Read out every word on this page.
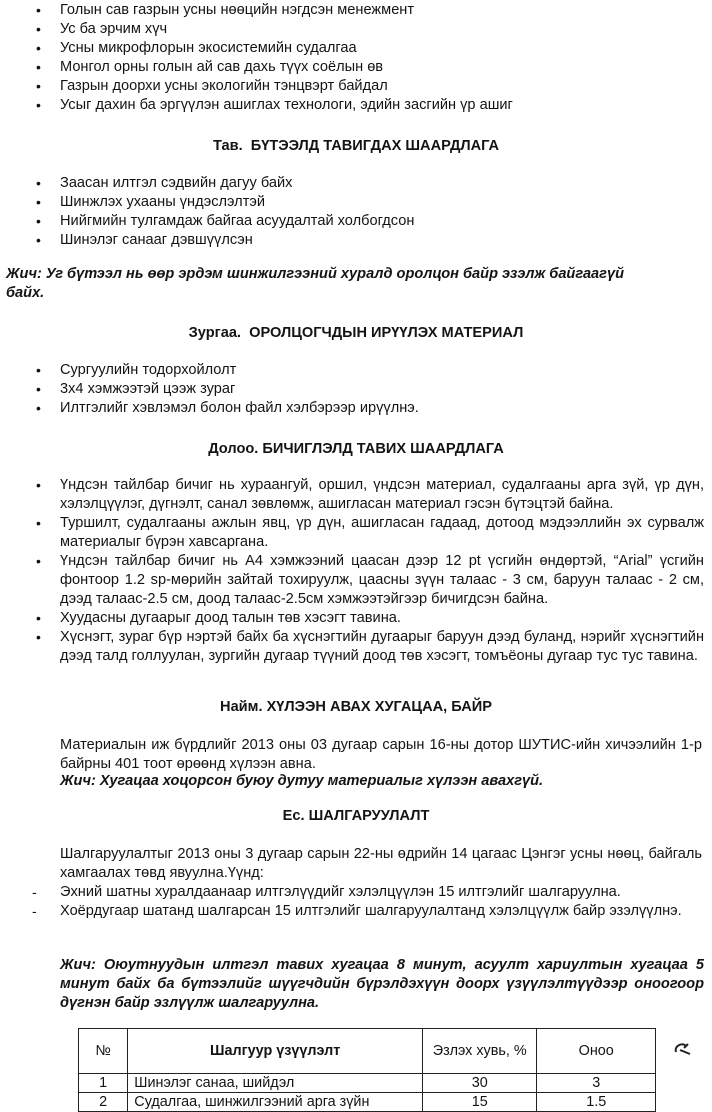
• Голын сав газрын усны нөөцийн нэгдсэн менежмент
• Ус ба эрчим хүч
• Усны микрофлорын экосистемийн судалгаа
• Монгол орны голын ай сав дахь түүх соёлын өв
• Газрын доорхи усны экологийн тэнцвэрт байдал
• Усыг дахин ба эргүүлэн ашиглах технологи, эдийн засгийн үр ашиг
Тав. БҮТЭЭЛД ТАВИГДАХ ШААРДЛАГА
• Заасан илтгэл сэдвийн дагуу байх
• Шинжлэх ухааны үндэслэлтэй
• Нийгмийн тулгамдаж байгаа асуудалтай холбогдсон
• Шинэлэг санааг дэвшүүлсэн
Жич: Уг бүтээл нь өөр эрдэм шинжилгээний хуралд оролцон байр эзэлж байгаагүй
байх.
Зургаа. ОРОЛЦОГЧДЫН ИРҮҮЛЭХ МАТЕРИАЛ
• Сургуулийн тодорхойлолт
• 3x4 хэмжээтэй цээж зураг
• Илтгэлийг хэвлэмэл болон файл хэлбэрээр ирүүлнэ.
Долоо. БИЧИГЛЭЛД ТАВИХ ШААРДЛАГА
• Үндсэн тайлбар бичиг нь хураангуй, оршил, үндсэн материал, судалгааны арга зүй, үр дүн, хэлэлцүүлэг, дүгнэлт, санал зөвлөмж, ашигласан материал гэсэн бүтэцтэй байна.
• Туршилт, судалгааны ажлын явц, үр дүн, ашигласан гадаад, дотоод мэдээллийн эх сурвалж материалыг бүрэн хавсаргана.
• Үндсэн тайлбар бичиг нь A4 хэмжээний цаасан дээр 12 pt үсгийн өндөртэй, “Arial” үсгийн фонтоор 1.2 sp-мөрийн зайтай тохируулж, цаасны зүүн талаас - 3 см, баруун талаас - 2 см, дээд талаас-2.5 см, доод талаас-2.5см хэмжээтэйгээр бичигдсэн байна.
• Хуудасны дугаарыг доод талын төв хэсэгт тавина.
• Хүснэгт, зураг бүр нэртэй байх ба хүснэгтийн дугаарыг баруун дээд буланд, нэрийг хүснэгтийн дээд талд голлуулан, зургийн дугаар түүний доод төв хэсэгт, томъёоны дугаар тус тус тавина.
Найм. ХҮЛЭЭН АВАХ ХУГАЦАА, БАЙР
Материалын иж бүрдлийг 2013 оны 03 дугаар сарын 16-ны дотор ШУТИС-ийн хичээлийн 1-р байрны 401 тоот өрөөнд хүлээн авна.
Жич: Хугацаа хоцорсон буюу дутуу материалыг хүлээн авахгүй.
Ес. ШАЛГАРУУЛАЛТ
Шалгаруулалтыг 2013 оны 3 дугаар сарын 22-ны өдрийн 14 цагаас Цэнгэг усны нөөц, байгаль хамгаалах төвд явуулна.Үүнд:
- Эхний шатны хуралдаанаар илтгэлүүдийг хэлэлцүүлэн 15 илтгэлийг шалгаруулна.
- Хоёрдугаар шатанд шалгарсан 15 илтгэлийг шалгаруулалтанд хэлэлцүүлж байр эзэлүүлнэ.
Жич: Оюутнуудын илтгэл тавих хугацаа 8 минут, асуулт хариултын хугацаа 5 минут байх ба бүтээлийг шүүгчдийн бүрэлдэхүүн доорх үзүүлэлтүүдээр оноогоор дүгнэн байр эзлүүлж шалгаруулна.
№	Шалгуур үзүүлэлт	Эзлэх хувь, %	Оноо
1	Шинэлэг санаа, шийдэл	30	3
2	Судалгаа, шинжилгээний арга зүйн	15	1.5
